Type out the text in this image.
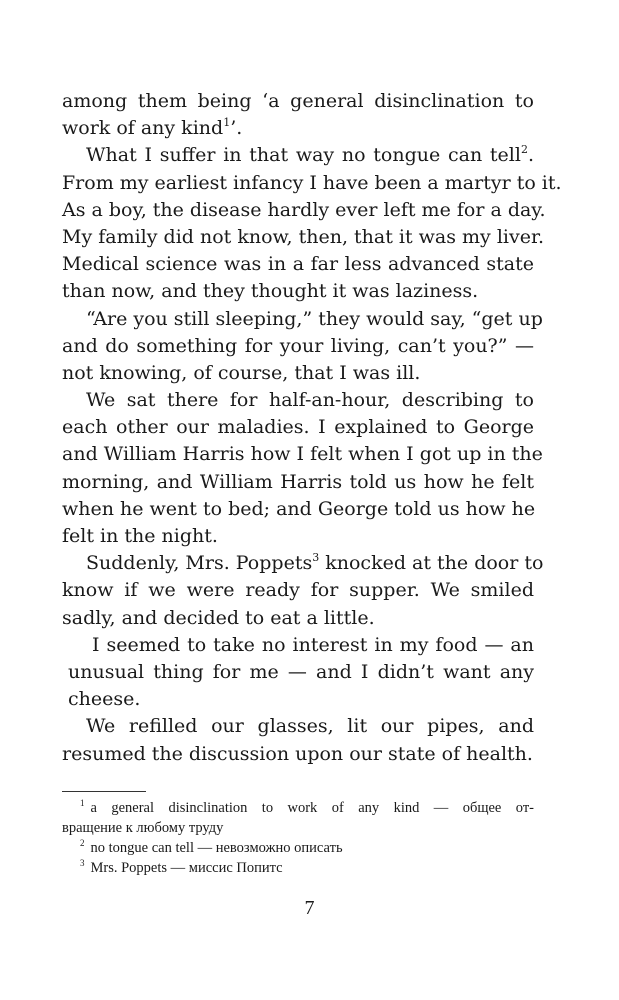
among them being ‘a general disinclination to
work of any kind$^1$’.
What I suffer in that way no tongue can tell$^2$.
From my earliest infancy I have been a martyr to it.
As a boy, the disease hardly ever left me for a day.
My family did not know, then, that it was my liver.
Medical science was in a far less advanced state
than now, and they thought it was laziness.
“Are you still sleeping,” they would say, “get up
and do something for your living, can’t you?” —
not knowing, of course, that I was ill.
We sat there for half-an-hour, describing to
each other our maladies. I explained to George
and William Harris how I felt when I got up in the
morning, and William Harris told us how he felt
when he went to bed; and George told us how he
felt in the night.
Suddenly, Mrs. Poppets$^3$ knocked at the door to
know if we were ready for supper. We smiled
sadly, and decided to eat a little.
I seemed to take no interest in my food — an
unusual thing for me — and I didn’t want any
cheese.
We refilled our glasses, lit our pipes, and
resumed the discussion upon our state of health.
$^1$ a general disinclination to work of any kind — общее от-
вращение к любому труду
$^2$ no tongue can tell — невозможно описать
$^3$ Mrs. Poppets — миссис Попитс
7
